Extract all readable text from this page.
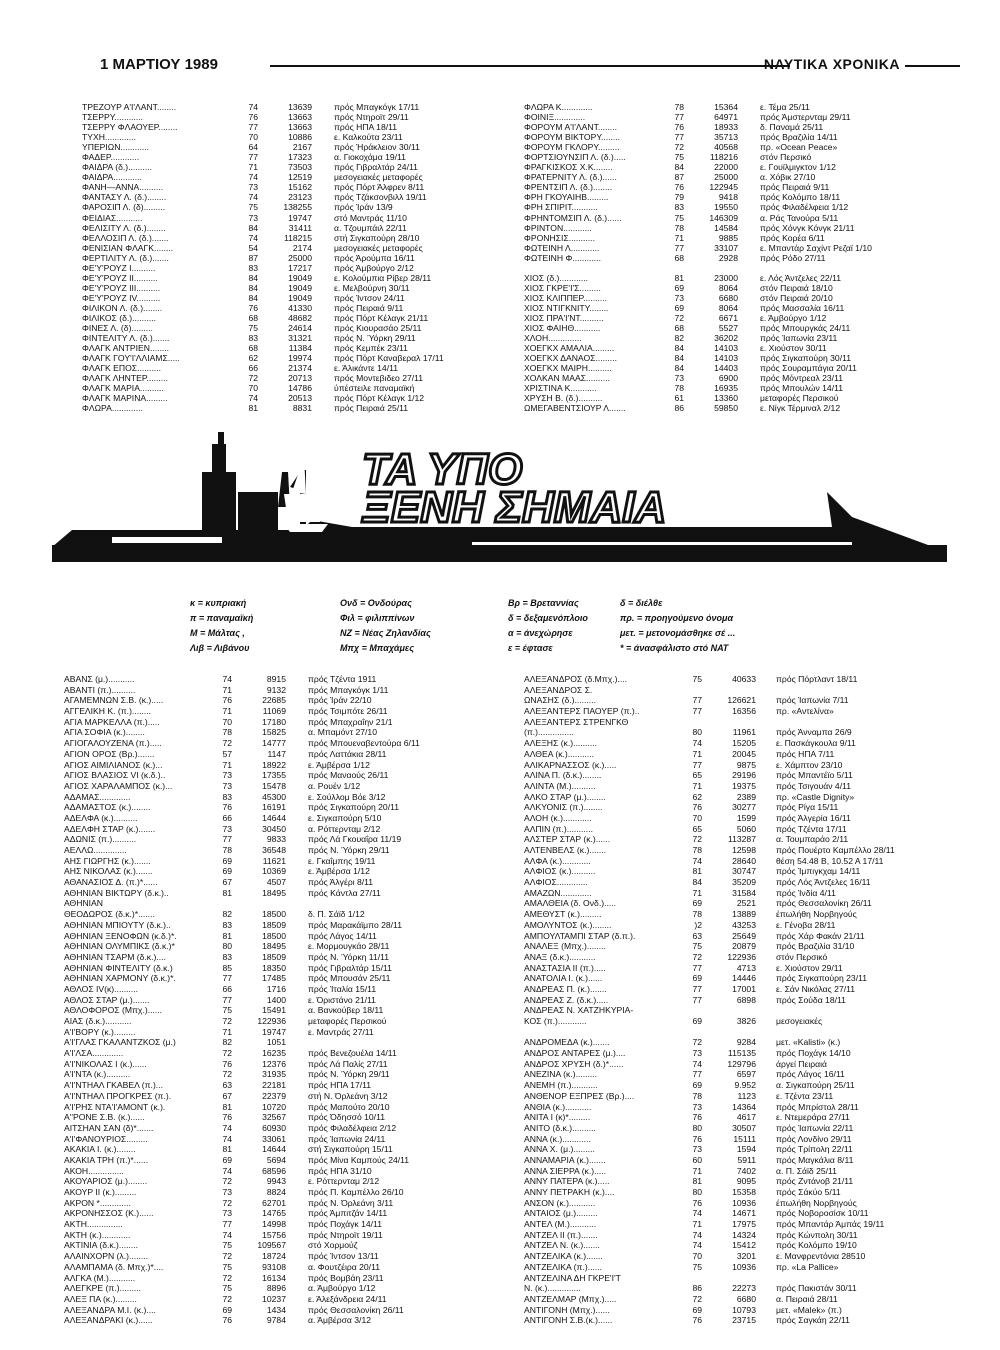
1 ΜΑΡΤΙΟΥ 1989	ΝΑΥΤΙΚΑ ΧΡΟΝΙΚΑ
ΤΡΕΖΟΥΡ Α'Ι'ΛΑΝΤ........	74	13639	πρός Μπαγκόγκ 17/11
ΤΣΕΡΡΥ............	76	13663	πρός Ντηροϊτ 29/11
ΤΣΕΡΡΥ ΦΛΑΟΥΕΡ........	77	13663	πρός ΗΠΑ 18/11
ΤΥΧΗ.............	70	10886	ε. Καλκούτα 23/11
ΥΠΕΡΙΩΝ............	64	2167	πρός Ήράκλειον 30/11
ΦΑΔΕΡ............	77	17323	α. Γιοκοχάμα 19/11
ΦΑΙΔΡΑ (δ.)..........	71	73503	πρός Γιβραλτάρ 24/11
ΦΑΙΔΡΑ............	74	12519	μεσογειακές μεταφορές
ΦΑΝΗ—ΑΝΝΑ..........	73	15162	πρός Πόρτ Άλφρεν 8/11
ΦΑΝΤΑΣΥ Λ. (δ.)........	74	23123	πρός Τζάκσονβιλλ 19/11
ΦΑΡΟΣΙΠ Λ. (δ).........	75	138255	πρός Ίράν 13/9
ΦΕΙΔΙΑΣ...........	73	19747	στό Μαντράς 11/10
ΦΕΛΙΣΙΤΥ Λ. (δ.)........	84	31411	α. Τζουμπάιλ 22/11
ΦΕΛΛΟΣΙΠ Λ. (δ.).......	74	118215	στή Σιγκαπούρη 28/10
ΦΕΝΙΣΙΑΝ ΦΛΑΓΚ........	54	2174	μεσογειακές μεταφορές
ΦΕΡΤΙΛΙΤΥ Λ. (δ.).......	87	25000	πρός Άρούμπα 16/11
ΦΕ'Υ'ΡΟΥΖ Ι..........	83	17217	πρός Άμβούργο 2/12
ΦΕ'Υ'ΡΟΥΖ ΙΙ..........	84	19049	ε. Κολούμπια Ρίβερ 28/11
ΦΕ'Υ'ΡΟΥΖ ΙΙΙ..........	84	19049	ε. Μελβούρνη 30/11
ΦΕ'Υ'ΡΟΥΖ ΙV..........	84	19049	πρός Ίντσον 24/11
ΦΙΛΙΚΟΝ Λ. (δ.)........	76	41330	πρός Πειραιά 9/11
ΦΙΛΙΚΟΣ (δ.)..........	68	48682	πρός Πόρτ Κέλαγκ 21/11
ΦΙΝΕΣ Λ. (δ).........	75	24614	πρός Κιουρασάο 25/11
ΦΙΝΤΕΛΙΤΥ Λ. (δ.).......	83	31321	πρός Ν. Ύόρκη 29/11
ΦΛΑΓΚ ΑΝΤΡΙΕΝ........	68	11384	πρός Κεμπέκ 23/11
ΦΛΑΓΚ ΓΟΥ'Ι'ΛΛΙΑΜΣ.....	62	19974	πρός Πόρτ Καναβεραλ 17/11
ΦΛΑΓΚ ΕΠΟΣ..........	66	21374	ε. Άλικάντε 14/11
ΦΛΑΓΚ ΛΗΝΤΕΡ.........	72	20713	πρός Μοντεβιδεο 27/11
ΦΛΑΓΚ ΜΑΡΙΑ..........	70	14786	ύπέστειλε παναμαϊκή
ΦΛΑΓΚ ΜΑΡΙΝΑ.........	74	20513	πρός Πόρτ Κέλαγκ 1/12
ΦΛΩΡΑ.............	81	8831	πρός Πειραιά 25/11
ΦΛΩΡΑ Κ.............	78	15364	ε. Τέμα 25/11
ΦΟΙΝΙΞ.............	77	64971	πρός Άμστερνταμ 29/11
ΦΟΡΟΥΜ Α'Ι'ΛΑΝΤ........	76	18933	δ. Παναμά 25/11
ΦΟΡΟΥΜ ΒΙΚΤΟΡΥ........	77	35713	πρός Βραζιλία 14/11
ΦΟΡΟΥΜ ΓΚΛΟΡΥ.........	72	40568	πρ. «Ocean Peace»
ΦΟΡΤΣΙΟΥΝΣΙΠ Λ. (δ.).....	75	118216	στόν Περσικό
ΦΡΑΓΚΙΣΚΟΣ Χ.Κ........	84	22000	ε. Γουϊλμιγκτον 1/12
ΦΡΑΤΕΡΝΙΤΥ Λ. (δ.)......	87	25000	α. Χόβικ 27/10
ΦΡΕΝΤΣΙΠ Λ. (δ.)........	76	122945	πρός Πειραιά 9/11
ΦΡΗ ΓΚΟΥΑΙΗΒ.........	79	9418	πρός Κολόμπο 18/11
ΦΡΗ ΣΠΙΡΙΤ...........	83	19550	πρός Φιλαδέλφεια 1/12
ΦΡΗΝΤΟΜΣΙΠ Λ. (δ.)......	75	146309	α. Ράς Τανούρα 5/11
ΦΡΙΝΤΟΝ............	78	14584	πρός Χόνγκ Κόνγκ 21/11
ΦΡΟΝΗΣΙΣ...........	71	9885	πρός Κορέα 6/11
ΦΩΤΕΙΝΗ Λ............	77	33107	ε. Μπαντάρ Σαχίντ Ρεζαϊ 1/10
ΦΩΤΕΙΝΗ Φ............	68	2928	πρός Ρόδο 27/11
ΧΙΟΣ (δ.)............	81	23000	ε. Λός Άντζελες 22/11
ΧΙΟΣ ΓΚΡΕ'Ι'Σ.........	69	8064	στόν Πειραιά 18/10
ΧΙΟΣ ΚΛΙΠΠΕΡ..........	73	6680	στόν Πειραιά 20/10
ΧΙΟΣ ΝΤΙΓΚΝΙΤΥ........	69	8064	πρός Μασσαλία 16/11
ΧΙΟΣ ΠΡΑ'Ι'ΝΤ..........	72	6671	ε. Άμβούργο 1/12
ΧΙΟΣ ΦΑΙΗΘ...........	68	5527	πρός Μπουργκάς 24/11
ΧΛΟΗ..............	82	36202	πρός Ίαπωνία 23/11
ΧΟΕΓΚΧ ΑΜΑΛΙΑ.........	84	14103	ε. Χιούστον 30/11
ΧΟΕΓΚΧ ΔΑΝΑΟΣ.........	84	14103	πρός Σιγκαπούρη 30/11
ΧΟΕΓΚΧ ΜΑΙΡΗ..........	84	14403	πρός Σουραμπάγια 20/11
ΧΟΛΚΑΝ ΜΑΑΣ..........	73	6900	πρός Μόντρεαλ 23/11
ΧΡΙΣΤΙΝΑ Κ...........	78	16935	πρός Μπουλών 14/11
ΧΡΥΣΗ Β. (δ.)..........	61	13360	μεταφορές Περσικού
ΩΜΕΓΑΒΕΝΤΣΙΟΥΡ Λ.......	86	59850	ε. Νίγκ Τέρμιναλ 2/12
ΤΑ ΥΠΟ
ΞΕΝΗ ΣΗΜΑΙΑ
κ = κυπριακή
π = παναμαϊκή
Μ = Μάλτας ,
Λιβ = Λιβάνου
Ονδ = Ονδούρας
Φιλ = φιλιππίνων
ΝΖ = Νέας Ζηλανδίας
Μπχ = Μπαχάμες
Βρ = Βρεταννίας
δ = δεξαμενόπλοιο
α = άνεχώρησε
ε = έφτασε
δ = διέλθε
πρ. = προηγούμενο όνομα
μετ. = μετονομάσθηκε σέ ...
* = άνασφάλιστο στό ΝΑΤ
ΑΒΑΝΣ (μ.)...........	74	8915	πρός Τζέντα 1911
ΑΒΑΝΤΙ (π.)..........	71	9132	πρός Μπαγκόγκ 1/11
ΑΓΑΜΕΜΝΩΝ Σ.Β. (κ.).....	76	22685	πρός Ίράν 22/10
ΑΓΓΕΛΙΚΗ Κ. (π.)........	71	11069	πρός Τσιμπότε 26/11
ΑΓΙΑ ΜΑΡΚΕΛΛΑ (π.).....	70	17180	πρός Μπαχραΐην 21/1
ΑΓΙΑ ΣΟΦΙΑ (κ.)........	78	15825	α. Μπαμόντ 27/10
ΑΓΙΟΓΑΛΟΥΖΕΝΑ (π.).....	72	14777	πρός Μπουεναβεντούρα 6/11
ΑΓΙΟΝ ΟΡΟΣ (Βρ.).......	57	1147	πρός Λαττάκια 28/11
ΑΓΙΟΣ ΑΙΜΙΛΙΑΝΟΣ (κ.)...	71	18922	ε. Άμβέρσα 1/12
ΑΓΙΟΣ ΒΛΑΣΙΟΣ VI (κ.δ.)..	73	17355	πρός Μαναούς 26/11
ΑΓΙΟΣ ΧΑΡΑΛΑΜΠΟΣ (κ.)...	73	15478	α. Ρουέν 1/12
ΑΔΑΜΑΣ.............	83	45300	ε. Σούλλομ Βόε 3/12
ΑΔΑΜΑΣΤΟΣ (κ.)........	76	16191	πρός Σιγκαπούρη 20/11
ΑΔΕΛΦΑ (κ.)..........	66	14644	ε. Σιγκαπούρη 5/10
ΑΔΕΛΦΗ ΣΤΑΡ (κ.).......	73	30450	α. Ρόττερνταμ 2/12
ΑΔΩΝΙΣ (π.)..........	77	9833	πρός Λά Γκουαΐρα 11/19
ΑΕΛΛΩ..............	78	36548	πρός Ν. Ύόρκη 29/11
ΑΗΣ ΓΙΩΡΓΗΣ (κ.).......	69	11621	ε. Γκαΐμπης 19/11
ΑΗΣ ΝΙΚΟΛΑΣ (κ.).......	69	10369	ε. Άμβέρσα 1/12
ΑΘΑΝΑΣΙΟΣ Δ. (π.)*......	67	4507	πρός Άλγέρι 8/11
ΑΘΗΝΙΑΝ ΒΙΚΤΩΡΥ (δ.κ.)..	81	18495	πρός Κάντλα 27/11
ΑΘΗΝΙΑΝ
ΘΕΟΔΩΡΟΣ (δ.κ.)*.......	82	18500	δ. Π. Σάϊδ 1/12
ΑΘΗΝΙΑΝ ΜΠΙΟΥΤΥ (δ.κ.)..	83	18509	πρός Μαρακάϊμπο 28/11
ΑΘΗΝΙΑΝ ΞΕΝΟΦΩΝ (κ.δ.)*.	81	18500	πρός Λάγος 14/11
ΑΘΗΝΙΑΝ ΟΛΥΜΠΙΚΣ (δ.κ.)*	80	18495	ε. Μορμουγκάο 28/11
ΑΘΗΝΙΑΝ ΤΣΑΡΜ (δ.κ.)....	83	18509	πρός Ν. Ύόρκη 11/11
ΑΘΗΝΙΑΝ ΦΙΝΤΕΛΙΤΥ (δ.κ.)	85	18350	πρός Γιβραλτάρ 15/11
ΑΘΗΝΙΑΝ ΧΑΡΜΟΝΥ (δ.κ.)*.	77	17485	πρός Μπουσάν 25/11
ΑΘΛΟΣ ΙV(κ)..........	66	1716	πρός Ίταλία 15/11
ΑΘΛΟΣ ΣΤΑΡ (μ.).......	77	1400	ε. Όριστάνο 21/11
ΑΘΛΟΦΟΡΟΣ (Μπχ.)......	75	15491	α. Βανκούβερ 18/11
ΑΙΑΣ (δ.κ.)...........	72	122936	μεταφορές Περσικού
Α'Ι'ΒΟΡΥ (κ.).........	71	19747	ε. Μαντράς 27/11
Α'Ι'ΓΛΑΣ ΓΚΑΛΑΝΤΖΚΟΣ (μ.)	82	1051
Α'Ι'ΛΣΑ.............	72	16235	πρός Βενεζουέλα 14/11
Α'Ι'ΝΙΚΟΛΑΣ Ι (κ.)......	76	12376	πρός Λά Παλίς 27/11
Α'Ι'ΝΤΑ (κ.)..........	72	31935	πρός Ν. Ύόρκη 29/11
Α'Ι'ΝΤΗΑΛ ΓΚΑΒΕΛ (π.)...	63	22181	πρός ΗΠΑ 17/11
Α'Ι'ΝΤΗΑΛ ΠΡΟΓΚΡΕΣ (π.).	67	22379	στή Ν. Όρλεάνη 3/12
Α'Ι'ΡΗΣ ΝΤΑ'Ι'ΑΜΟΝΤ (κ.).	81	10720	πρός Μαπούτο 20/10
Α''ΡΟΝΕ Σ.Β. (κ.)......	76	32567	πρός Όδησσό 10/11
ΑΙΤΣΗΑΝ ΣΑΝ (δ)*.......	74	60930	πρός Φιλαδέλφεια 2/12
Α'Ι'ΦΑΝΟΥΡΙΟΣ.........	74	33061	πρός Ίαπωνία 24/11
ΑΚΑΚΙΑ Ι. (κ.)........	81	14644	στή Σιγκαπούρη 15/11
ΑΚΑΚΙΑ ΤΡΗ (π.)*......	69	5694	πρός Μίνα Καμπούς 24/11
ΑΚΟΗ...............	74	68596	πρός ΗΠΑ 31/10
ΑΚΟΥΑΡΙΟΣ (μ.)........	72	9943	ε. Ρόττερνταμ 2/12
ΑΚΟΥΡ ΙΙ (κ.).........	73	8824	πρός Π. Καμπέλλο 26/10
ΑΚΡΟΝ *.............	72	62701	πρός Ν. Όρλεάνη 3/11
ΑΚΡΟΝΗΣΣΟΣ (Κ.)......	73	14765	πρός Άμπιτζάν 14/11
ΑΚΤΗ...............	77	14998	πρός Ποχάγκ 14/11
ΑΚΤΗ (κ.)............	74	15756	πρός Ντηροϊτ 19/11
ΑΚΤΙΝΙΑ (δ.κ.)........	75	109567	στό Χορμούζ
ΑΛΑΙΝΧΟΡΝ (λ.)........	72	18724	πρός Ίντσον 13/11
ΑΛΑΜΠΑΜΑ (δ. Μπχ.)*....	75	93108	α. Φουτζέιρα 20/11
ΑΛΓΚΑ (Μ.)...........	72	16134	πρός Βομβάη 23/11
ΑΛΕΓΚΡΕ (π.).........	75	8896	α. Άμβούργο 1/12
ΑΛΕΞ ΠΑ (κ.).........	72	10237	ε. Άλεξάνδρεια 24/11
ΑΛΕΞΑΝΔΡΑ Μ.Ι. (κ.)....	69	1434	πρός Θεσσαλονίκη 26/11
ΑΛΕΞΑΝΔΡΑΚΙ (κ.)......	76	9784	α. Άμβέρσα 3/12
ΑΛΕΞΑΝΔΡΟΣ (δ.Μπχ.)....	75	40633	πρός Πόρτλαντ 18/11
ΑΛΕΞΑΝΔΡΟΣ Σ.
ΩΝΑΣΗΣ (δ.).........	77	126621	πρός Ίαπωνία 7/11
ΑΛΕΞΑΝΤΕΡΣ ΠΑΟΥΕΡ (π.)..	77	16356	πρ. «Αντελίνα»
ΑΛΕΞΑΝΤΕΡΣ ΣΤΡΕΝΓΚΘ
(π.)...............	80	11961	πρός Άνναμπα 26/9
ΑΛΕΞΗΣ (κ.)..........	74	15205	ε. Πασκάγκουλα 9/11
ΑΛΘΕΑ (κ.)...........	71	20045	πρός ΗΠΑ 7/11
ΑΛΙΚΑΡΝΑΣΣΟΣ (κ.).....	77	9875	ε. Χάμπτον 23/10
ΑΛΙΝΑ Π. (δ.κ.)........	65	29196	πρός Μπαντέϊο 5/11
ΑΛΙΝΤΑ (Μ.)..........	71	19375	πρός Τσιγουάν 4/11
ΑΛΚΟ ΣΤΑΡ (μ.)........	62	2389	πρ. «Castle Dignity»
ΑΛΚΥΟΝΙΣ (π.)........	76	30277	πρός Ρίγα 15/11
ΑΛΟΗ (κ.)............	70	1599	πρός Άλγερία 16/11
ΑΛΠΙΝ (π.)...........	65	5060	πρός Τζέντα 17/11
ΑΛΣΤΕΡ ΣΤΑΡ (κ.)......	72	113287	α. Τουμπαράο 2/11
ΑΛΤΕΝΒΕΛΣ (κ.).......	78	12598	πρός Πουέρτο Καμπέλλο 28/11
ΑΛΦΑ (κ.)............	74	28640	θέση 54.48 Β, 10.52 Α 17/11
ΑΛΦΙΟΣ (κ.)..........	81	30747	πρός Ίμπιγκχαμ 14/11
ΑΛΦΙΟΣ.............	84	35209	πρός Λός Άντζελες 16/11
ΑΜΑΖΩΝ.............	71	31584	πρός Ίνδία 4/11
ΑΜΑΛΘΕΙΑ (δ. Ονδ.).....	69	2521	πρός Θεσσαλονίκη 26/11
ΑΜΕΘΥΣΤ (κ.).........	78	13889	έπωλήθη Νορβηγούς
ΑΜΟΛΥΝΤΟΣ (κ.)........	)2	43253	ε. Γένοβα 28/11
ΑΜΠΟΥΛΤΑΜΠΙ ΣΤΑΡ (δ.π.).	63	25649	πρός Χάρ Φακάν 21/11
ΑΝΑΛΕΞ (Μπχ.)........	75	20879	πρός Βραζιλία 31/10
ΑΝΑΞ (δ.κ.)...........	72	122936	στόν Περσικό
ΑΝΑΣΤΑΣΙΑ ΙΙ (π.).....	77	4713	ε. Χιούστον 29/11
ΑΝΑΤΟΛΙΑ Ι. (κ.)......	69	14446	πρός Σιγκαπούρη 23/11
ΑΝΔΡΕΑΣ Π. (κ.).......	77	17001	ε. Σάν Νικόλας 27/11
ΑΝΔΡΕΑΣ Ζ. (δ.κ.).....	77	6898	πρός Σούδα 18/11
ΑΝΔΡΕΑΣ Ν. ΧΑΤΖΗΚΥΡΙΑ-
ΚΟΣ (π.)............	69	3826	μεσογειακές
ΑΝΔΡΟΜΕΔΑ (κ.).......	72	9284	μετ. «Kalisti» (κ.)
ΑΝΔΡΟΣ ΑΝΤΑΡΕΣ (μ.)....	73	115135	πρός Ποχάγκ 14/10
ΑΝΔΡΟΣ ΧΡΥΣΗ (δ.)*......	74	129796	άργεί Πειραιά
ΑΝΕΖΙΝΑ (κ.).........	77	6597	πρός Λάγος 16/11
ΑΝΕΜΗ (π.)...........	69	9.952	α. Σιγκαπούρη 25/11
ΑΝΘΕΝΟΡ ΕΞΠΡΕΣ (Βρ.)....	78	1123	ε. Τζέντα 23/11
ΑΝΘΙΑ (κ.)...........	73	14364	πρός Μπρίστολ 28/11
ΑΝΙΤΑ Ι (κ)*.........	76	4617	ε. Ντεμεράρα 27/11
ΑΝΙΤΟ (δ.κ.)..........	80	30507	πρός Ίαπωνία 22/11
ΑΝΝΑ (κ.)............	76	15111	πρός Λονδίνο 29/11
ΑΝΝΑ Χ. (μ.).........	73	1594	πρός Τρίπολη 22/11
ΑΝΝΑΜΑΡΙΑ (κ.).......	60	5911	πρός Μαγκάλια 8/11
ΑΝΝΑ ΣΙΕΡΡΑ (κ.).....	71	7402	α. Π. Σάϊδ 25/11
ΑΝΝΥ ΠΑΤΕΡΑ (κ.).....	81	9095	πρός Ζντάνοβ 21/11
ΑΝΝΥ ΠΕΤΡΑΚΗ (κ.)....	80	15358	πρός Σάκύο 5/11
ΑΝΣΟΝ (κ.)...........	76	10936	έπωλήθη Νορβηγούς
ΑΝΤΑΙΟΣ (μ.).........	74	14671	πρός Νοβοροσίσκ 10/11
ΑΝΤΕΛ (Μ.)...........	71	17975	πρός Μπαντάρ Άμπάς 19/11
ΑΝΤΖΕΛ ΙΙ (π.).......	74	14324	πρός Κώνπολη 30/11
ΑΝΤΖΕΛ Ν. (κ.).......	74	15412	πρός Κολόμπο 19/10
ΑΝΤΖΕΛΙΚΑ (κ.).......	70	3201	ε. Μανφρεντόνια 28510
ΑΝΤΖΕΛΙΚΑ (π.)......	75	10936	πρ. «La Pallice»
ΑΝΤΖΕΛΙΝΑ ΔΗ ΓΚΡΕ'Ι'Τ
Ν. (κ.)..............	86	22273	πρός Πακιστάν 30/11
ΑΝΤΖΕΛΜΑΡ (Μπχ.).....	72	6680	α. Πειραιά 28/11
ΑΝΤΙΓΟΝΗ (Μπχ.)......	69	10793	μετ. «Malek» (π.)
ΑΝΤΙΓΟΝΗ Σ.Β.(κ.)......	76	23715	πρός Σαγκάη 22/11
